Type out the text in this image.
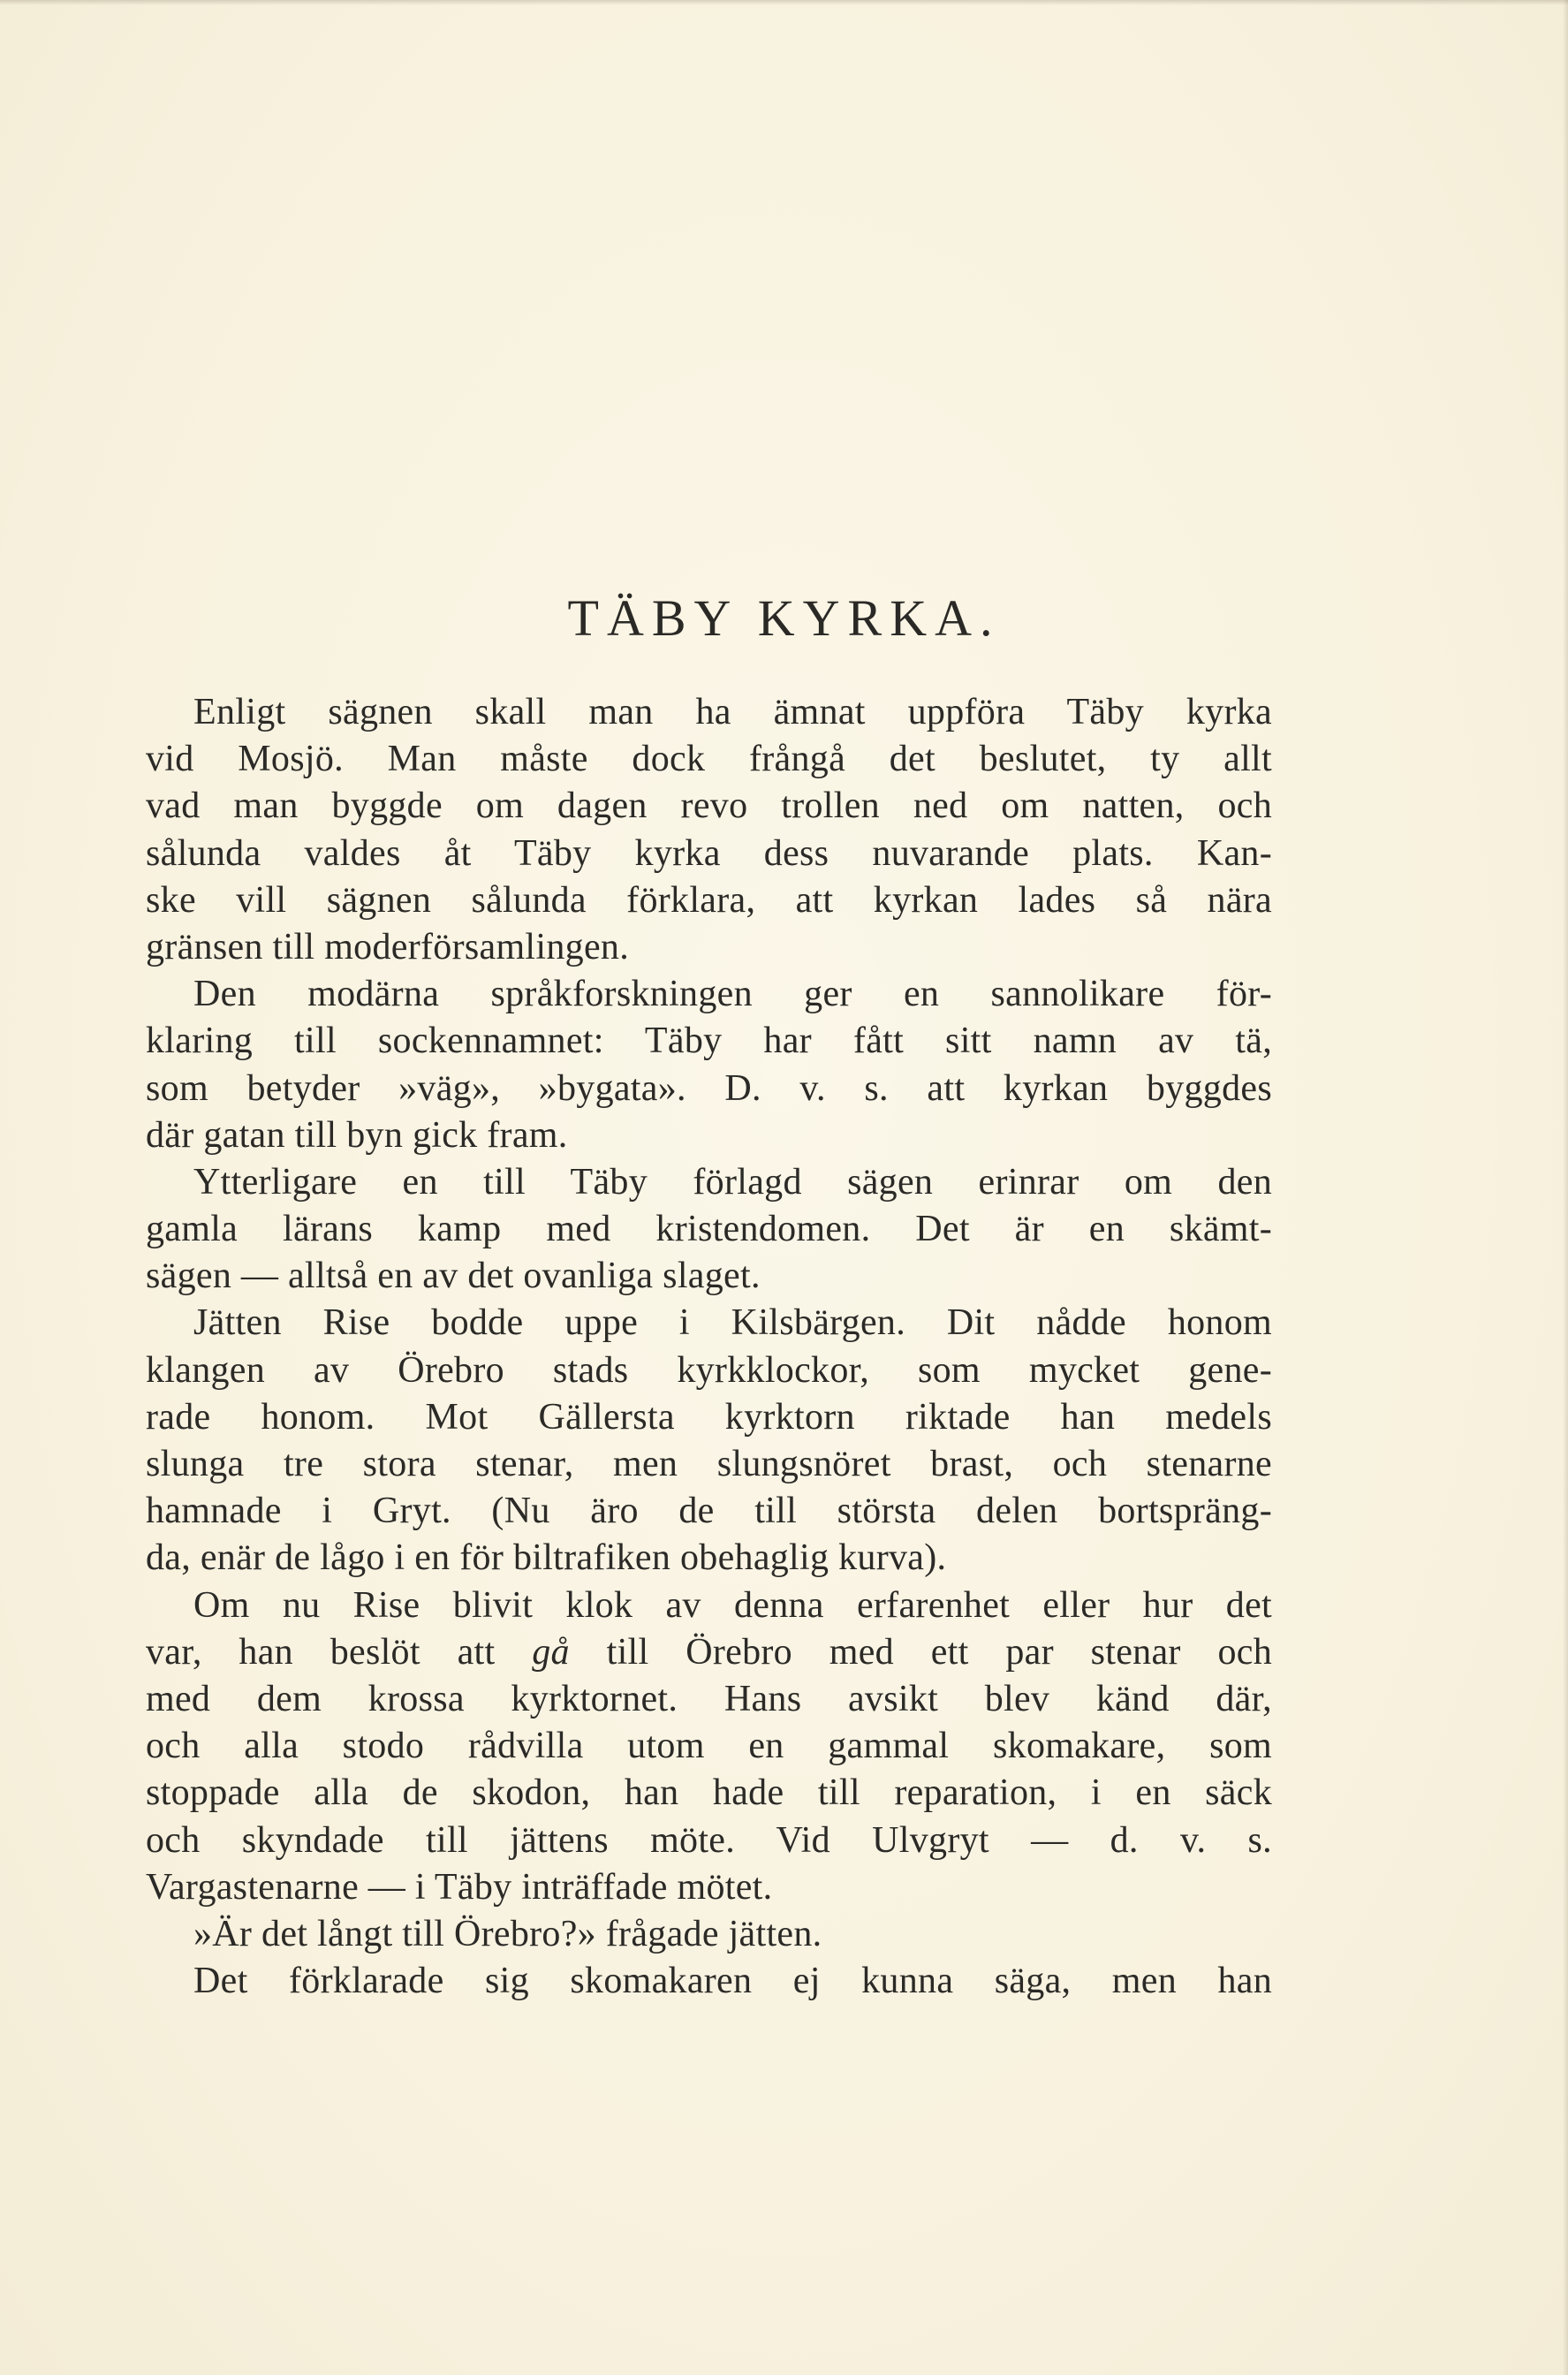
TÄBY KYRKA.
Enligt sägnen skall man ha ämnat uppföra Täby kyrka
vid Mosjö. Man måste dock frångå det beslutet, ty allt
vad man byggde om dagen revo trollen ned om natten, och
sålunda valdes åt Täby kyrka dess nuvarande plats. Kan-
ske vill sägnen sålunda förklara, att kyrkan lades så nära
gränsen till moderförsamlingen.
Den modärna språkforskningen ger en sannolikare för-
klaring till sockennamnet: Täby har fått sitt namn av tä,
som betyder »väg», »bygata». D. v. s. att kyrkan byggdes
där gatan till byn gick fram.
Ytterligare en till Täby förlagd sägen erinrar om den
gamla lärans kamp med kristendomen. Det är en skämt-
sägen — alltså en av det ovanliga slaget.
Jätten Rise bodde uppe i Kilsbärgen. Dit nådde honom
klangen av Örebro stads kyrkklockor, som mycket gene-
rade honom. Mot Gällersta kyrktorn riktade han medels
slunga tre stora stenar, men slungsnöret brast, och stenarne
hamnade i Gryt. (Nu äro de till största delen bortspräng-
da, enär de lågo i en för biltrafiken obehaglig kurva).
Om nu Rise blivit klok av denna erfarenhet eller hur det
var, han beslöt att gå till Örebro med ett par stenar och
med dem krossa kyrktornet. Hans avsikt blev känd där,
och alla stodo rådvilla utom en gammal skomakare, som
stoppade alla de skodon, han hade till reparation, i en säck
och skyndade till jättens möte. Vid Ulvgryt — d. v. s.
Vargastenarne — i Täby inträffade mötet.
»Är det långt till Örebro?» frågade jätten.
Det förklarade sig skomakaren ej kunna säga, men han
